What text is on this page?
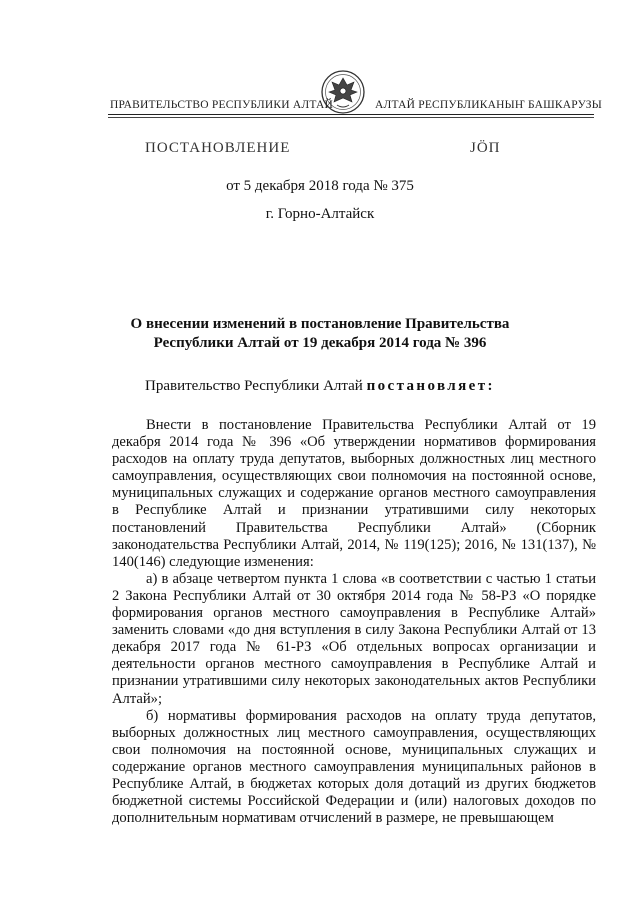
ПРАВИТЕЛЬСТВО РЕСПУБЛИКИ АЛТАЙ	АЛТАЙ РЕСПУБЛИКАНЫҤ БАШКАРУЗЫ
ПОСТАНОВЛЕНИЕ	ЈÖП
от 5 декабря 2018 года № 375
г. Горно-Алтайск
О внесении изменений в постановление Правительства
Республики Алтай от 19 декабря 2014 года № 396
Правительство Республики Алтай постановляет:

Внести в постановление Правительства Республики Алтай от 19 декабря 2014 года № 396 «Об утверждении нормативов формирования расходов на оплату труда депутатов, выборных должностных лиц местного самоуправления, осуществляющих свои полномочия на постоянной основе, муниципальных служащих и содержание органов местного самоуправления в Республике Алтай и признании утратившими силу некоторых постановлений Правительства Республики Алтай» (Сборник законодательства Республики Алтай, 2014, № 119(125); 2016, № 131(137), № 140(146) следующие изменения:

а) в абзаце четвертом пункта 1 слова «в соответствии с частью 1 статьи 2 Закона Республики Алтай от 30 октября 2014 года № 58-РЗ «О порядке формирования органов местного самоуправления в Республике Алтай» заменить словами «до дня вступления в силу Закона Республики Алтай от 13 декабря 2017 года № 61-РЗ «Об отдельных вопросах организации и деятельности органов местного самоуправления в Республике Алтай и признании утратившими силу некоторых законодательных актов Республики Алтай»;

б) нормативы формирования расходов на оплату труда депутатов, выборных должностных лиц местного самоуправления, осуществляющих свои полномочия на постоянной основе, муниципальных служащих и содержание органов местного самоуправления муниципальных районов в Республике Алтай, в бюджетах которых доля дотаций из других бюджетов бюджетной системы Российской Федерации и (или) налоговых доходов по дополнительным нормативам отчислений в размере, не превышающем
